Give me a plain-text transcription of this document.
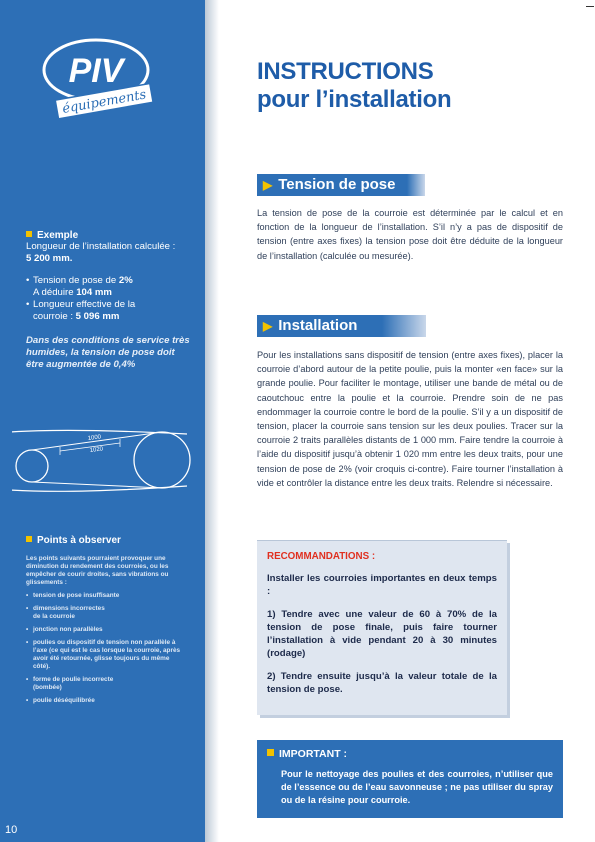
PIV
équipements
Exemple
Longueur de l’installation calculée :
5 200 mm.
• Tension de pose de 2%
A déduire 104 mm
• Longueur effective de la
courroie : 5 096 mm
Dans des conditions de service très humides, la tension de pose doit être augmentée de 0,4%
1000
1020
Points à observer
Les points suivants pourraient provoquer une diminution du rendement des courroies, ou les empêcher de courir droites, sans vibrations ou glissements :
• tension de pose insuffisante
• dimensions incorrectes de la courroie
• jonction non parallèles
• poulies ou dispositif de tension non parallèle à l’axe (ce qui est le cas lorsque la courroie, après avoir été retournée, glisse toujours du même côté).
• forme de poulie incorrecte (bombée)
• poulie déséquilibrée
10
INSTRUCTIONS
pour l’installation
▶ Tension de pose

La tension de pose de la courroie est déterminée par le calcul et en fonction de la longueur de l’installation. S’il n’y a pas de dispositif de tension (entre axes fixes) la tension pose doit être déduite de la longueur de l’installation (calculée ou mesurée).

▶ Installation

Pour les installations sans dispositif de tension (entre axes fixes), placer la courroie d’abord autour de la petite poulie, puis la monter «en face» sur la grande poulie. Pour faciliter le montage, utiliser une bande de métal ou de caoutchouc entre la poulie et la courroie. Prendre soin de ne pas endommager la courroie contre le bord de la poulie. S’il y a un dispositif de tension, placer la courroie sans tension sur les deux poulies. Tracer sur la courroie 2 traits parallèles distants de 1 000 mm. Faire tendre la courroie à l’aide du dispositif jusqu’à obtenir 1 020 mm entre les deux traits, pour une tension de pose de 2% (voir croquis ci-contre). Faire tourner l’installation à vide et contrôler la distance entre les deux traits. Relendre si nécessaire.

RECOMMANDATIONS :
Installer les courroies importantes en deux temps :
1) Tendre avec une valeur de 60 à 70% de la tension de pose finale, puis faire tourner l’installation à vide pendant 20 à 30 minutes (rodage)
2) Tendre ensuite jusqu’à la valeur totale de la tension de pose.
IMPORTANT :
Pour le nettoyage des poulies et des courroies, n’utiliser que de l’essence ou de l’eau savonneuse ; ne pas utiliser du spray ou de la résine pour courroie.
